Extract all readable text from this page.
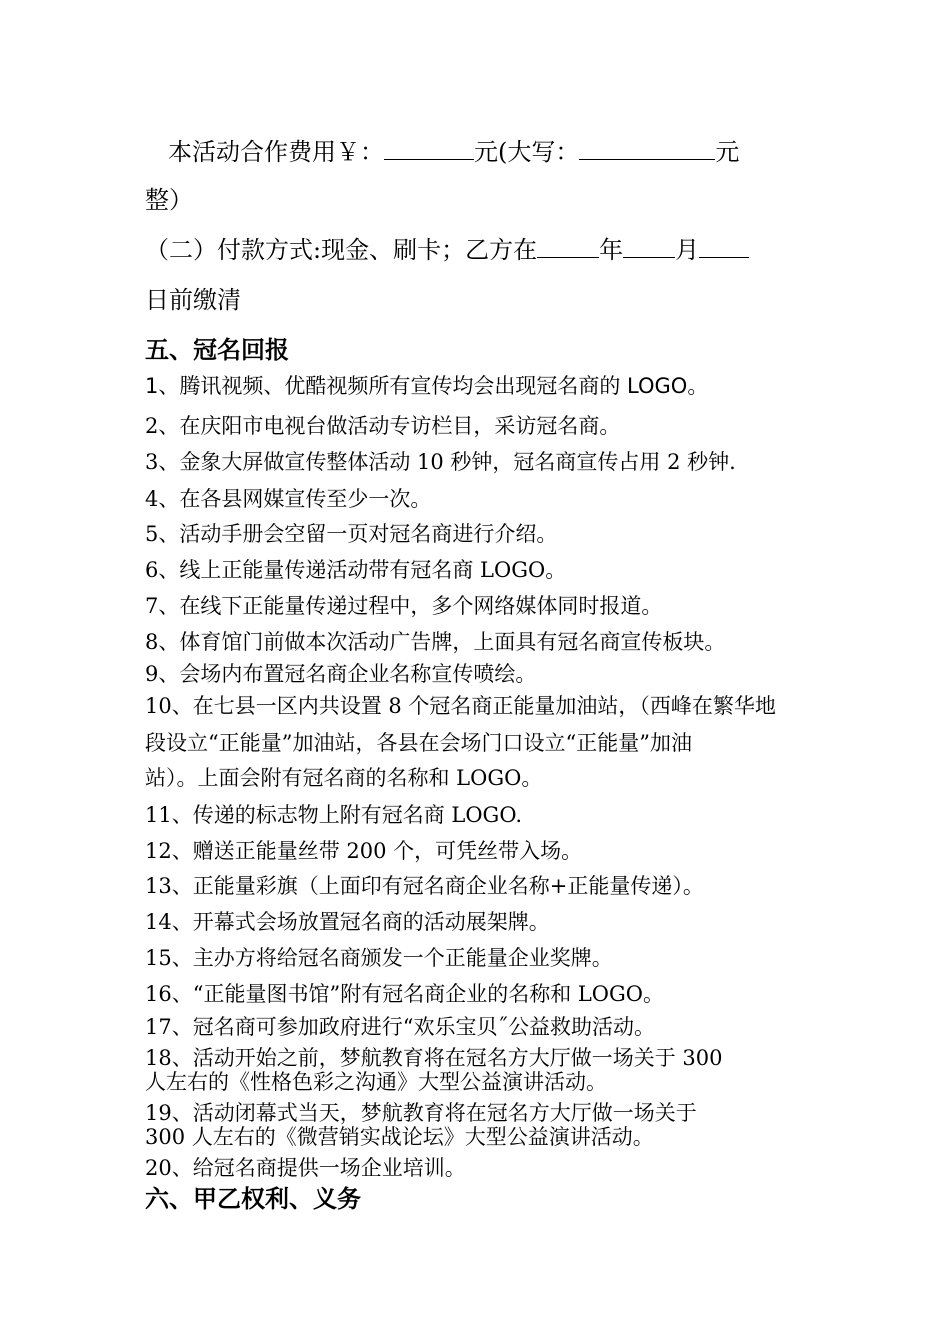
本活动合作费用￥：	元(大写：	元
整）
（二）付款方式:现金、刷卡；乙方在	年 月
日前缴清
五、冠名回报
1、腾讯视频、优酷视频所有宣传均会出现冠名商的 LOGO。
2、在庆阳市电视台做活动专访栏目，采访冠名商。
3、金象大屏做宣传整体活动 10 秒钟，冠名商宣传占用 2 秒钟.
4、在各县网媒宣传至少一次。
5、活动手册会空留一页对冠名商进行介绍。
6、线上正能量传递活动带有冠名商 LOGO。
7、在线下正能量传递过程中，多个网络媒体同时报道。
8、体育馆门前做本次活动广告牌，上面具有冠名商宣传板块。
9、会场内布置冠名商企业名称宣传喷绘。
10、在七县一区内共设置 8 个冠名商正能量加油站，（西峰在繁华地
段设立“正能量”加油站，各县在会场门口设立“正能量”加油
站）。上面会附有冠名商的名称和 LOGO。
11、传递的标志物上附有冠名商 LOGO.
12、赠送正能量丝带 200 个，可凭丝带入场。
13、正能量彩旗（上面印有冠名商企业名称+正能量传递）。
14、开幕式会场放置冠名商的活动展架牌。
15、主办方将给冠名商颁发一个正能量企业奖牌。
16、“正能量图书馆”附有冠名商企业的名称和 LOGO。
17、冠名商可参加政府进行“欢乐宝贝˝公益救助活动。
18、活动开始之前，梦航教育将在冠名方大厅做一场关于 300
人左右的《性格色彩之沟通》大型公益演讲活动。
19、活动闭幕式当天，梦航教育将在冠名方大厅做一场关于
300 人左右的《微营销实战论坛》大型公益演讲活动。
20、给冠名商提供一场企业培训。
六、甲乙权利、义务
